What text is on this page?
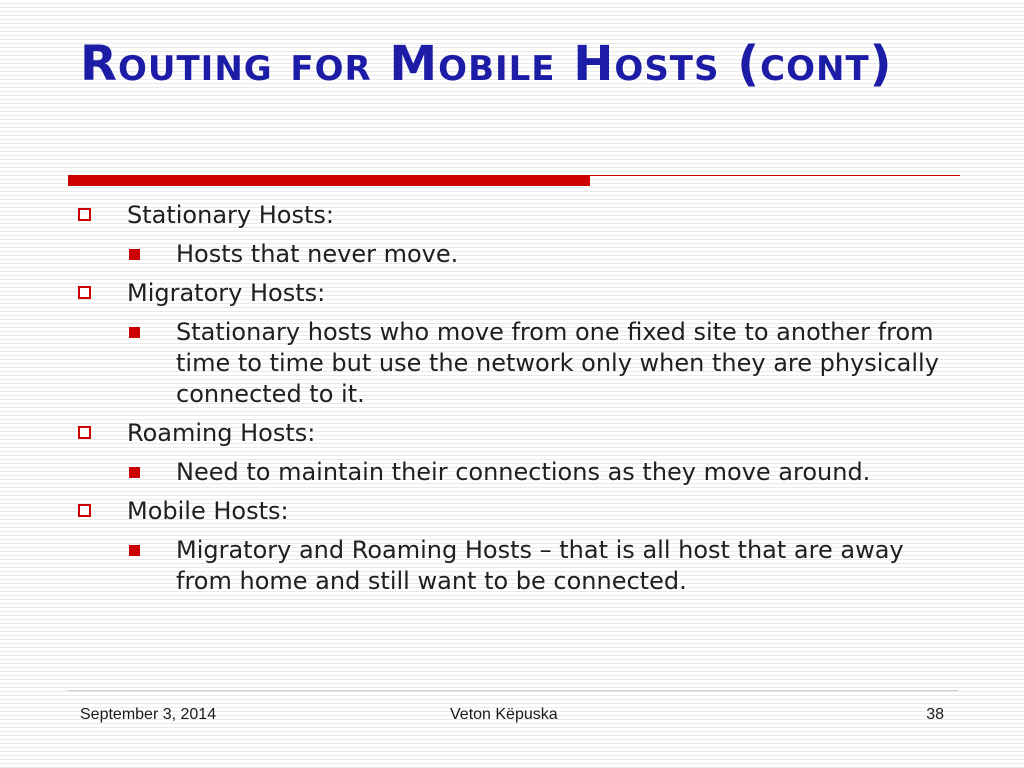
Routing for Mobile Hosts (cont)
Stationary Hosts:
Hosts that never move.
Migratory Hosts:
Stationary hosts who move from one fixed site to another from time to time but use the network only when they are physically connected to it.
Roaming Hosts:
Need to maintain their connections as they move around.
Mobile Hosts:
Migratory and Roaming Hosts – that is all host that are away from home and still want to be connected.
September 3, 2014	Veton Këpuska	38
